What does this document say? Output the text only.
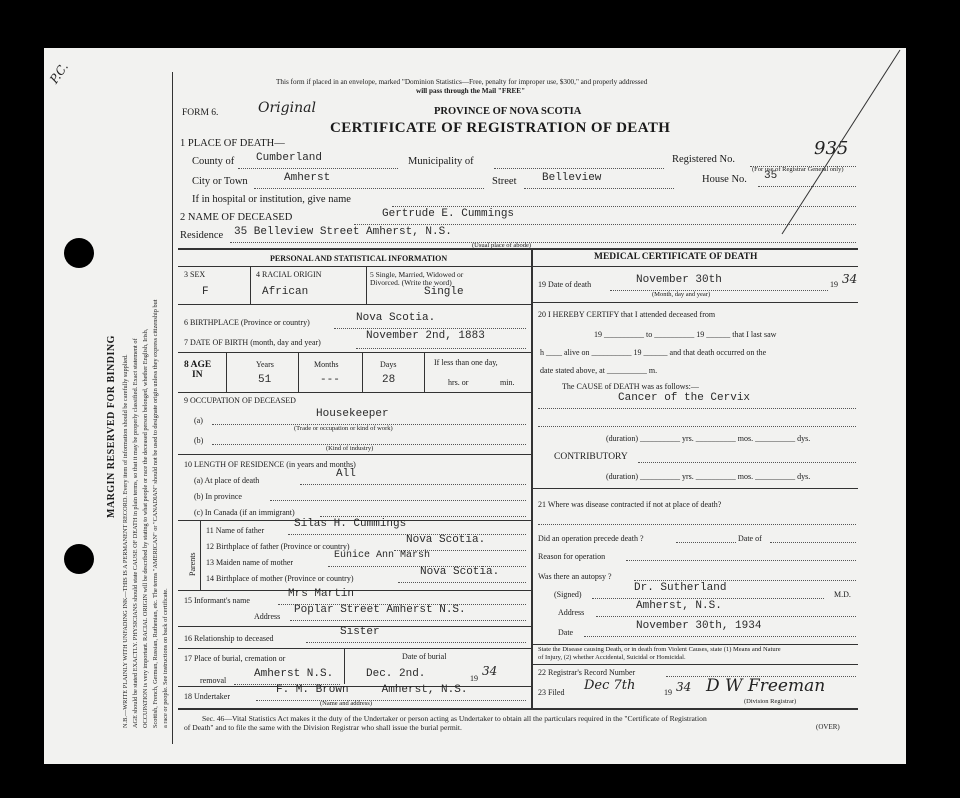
P.C.
MARGIN RESERVED FOR BINDING N.B.—WRITE PLAINLY WITH UNFADING INK—THIS IS A PERMANENT RECORD. Every item of information should be carefully supplied. AGE should be stated EXACTLY. PHYSICIANS should state CAUSE OF DEATH in plain terms, so that it may be properly classified. Exact statement of OCCUPATION is very important. RACIAL ORIGIN will be described by stating to what people or race the deceased person belonged, whether English, Irish, Scottish, French, German, Russian, Ruthenian, etc. The terms "AMERICAN" or "CANADIAN" should not be used to designate origin unless they express citizenship but a race or people. See instructions on back of certificate.
This form if placed in an envelope, marked "Dominion Statistics—Free, penalty for improper use, $300," and properly addressed
will pass through the Mail "FREE"
FORM 6.	Original	PROVINCE OF NOVA SCOTIA
CERTIFICATE OF REGISTRATION OF DEATH
1 PLACE OF DEATH—
County of Cumberland	Municipality of	Registered No.
935
(For use of Registrar General only)
City or Town	Amherst	Street Belleview	House No. 35
If in hospital or institution, give name
2 NAME OF DECEASED	Gertrude E. Cummings
Residence 35 Belleview Street Amherst, N.S.
(Usual place of abode)
PERSONAL AND STATISTICAL INFORMATION	MEDICAL CERTIFICATE OF DEATH
3 SEX
F
4 RACIAL ORIGIN
African
5 Single, Married, Widowed or
Divorced. (Write the word)
Single
6 BIRTHPLACE (Province or country)	Nova Scotia.
7 DATE OF BIRTH (month, day and year)
November 2nd, 1883
8 AGE
IN
Years	Months	Days	If less than one day,
51	---	28	hrs. or	min.
9 OCCUPATION OF DECEASED
(a)
Housekeeper
(Trade or occupation or kind of work)
(b)
(Kind of industry)
10 LENGTH OF RESIDENCE (in years and months)
(a) At place of death
All
(b) In province
(c) In Canada (if an immigrant)
Parents
11 Name of father
Silas H. Cummings
12 Birthplace of father (Province or country)
Nova Scotia.
13 Maiden name of mother
Eunice Ann Marsh
14 Birthplace of mother (Province or country)
Nova Scotia.
15 Informant's name
Mrs Martin
Address
Poplar Street Amherst N.S.
16 Relationship to deceased
Sister
17 Place of burial, cremation or
removal
Amherst N.S.
Date of burial
Dec. 2nd.	19
34
18 Undertaker
F. M. Brown     Amherst, N.S.
(Name and address)
19 Date of death	November 30th
(Month, day and year)
19 34
20 I HEREBY CERTIFY that I attended deceased from
19 __________ to __________ 19 ______ that I last saw
h ____ alive on __________ 19 ______ and that death occurred on the
date stated above, at __________ m.
The CAUSE of DEATH was as follows:—
Cancer of the Cervix
(duration) __________ yrs. __________ mos. __________ dys.
CONTRIBUTORY
(duration) __________ yrs. __________ mos. __________ dys.
21 Where was disease contracted if not at place of death?
Did an operation precede death ?	Date of
Reason for operation
Was there an autopsy ?
(Signed)
Dr. Sutherland
M.D.
Address
Amherst, N.S.
Date
November 30th, 1934
State the Disease causing Death, or in death from Violent Causes, state (1) Means and Nature
of Injury, (2) whether Accidental, Suicidal or Homicidal.
22 Registrar's Record Number
23 Filed Dec 7th	19 34 D W Freeman
(Division Registrar)
Sec. 46—Vital Statistics Act makes it the duty of the Undertaker or person acting as Undertaker to obtain all the particulars required in the "Certificate of Registration
of Death" and to file the same with the Division Registrar who shall issue the burial permit.	(OVER)
